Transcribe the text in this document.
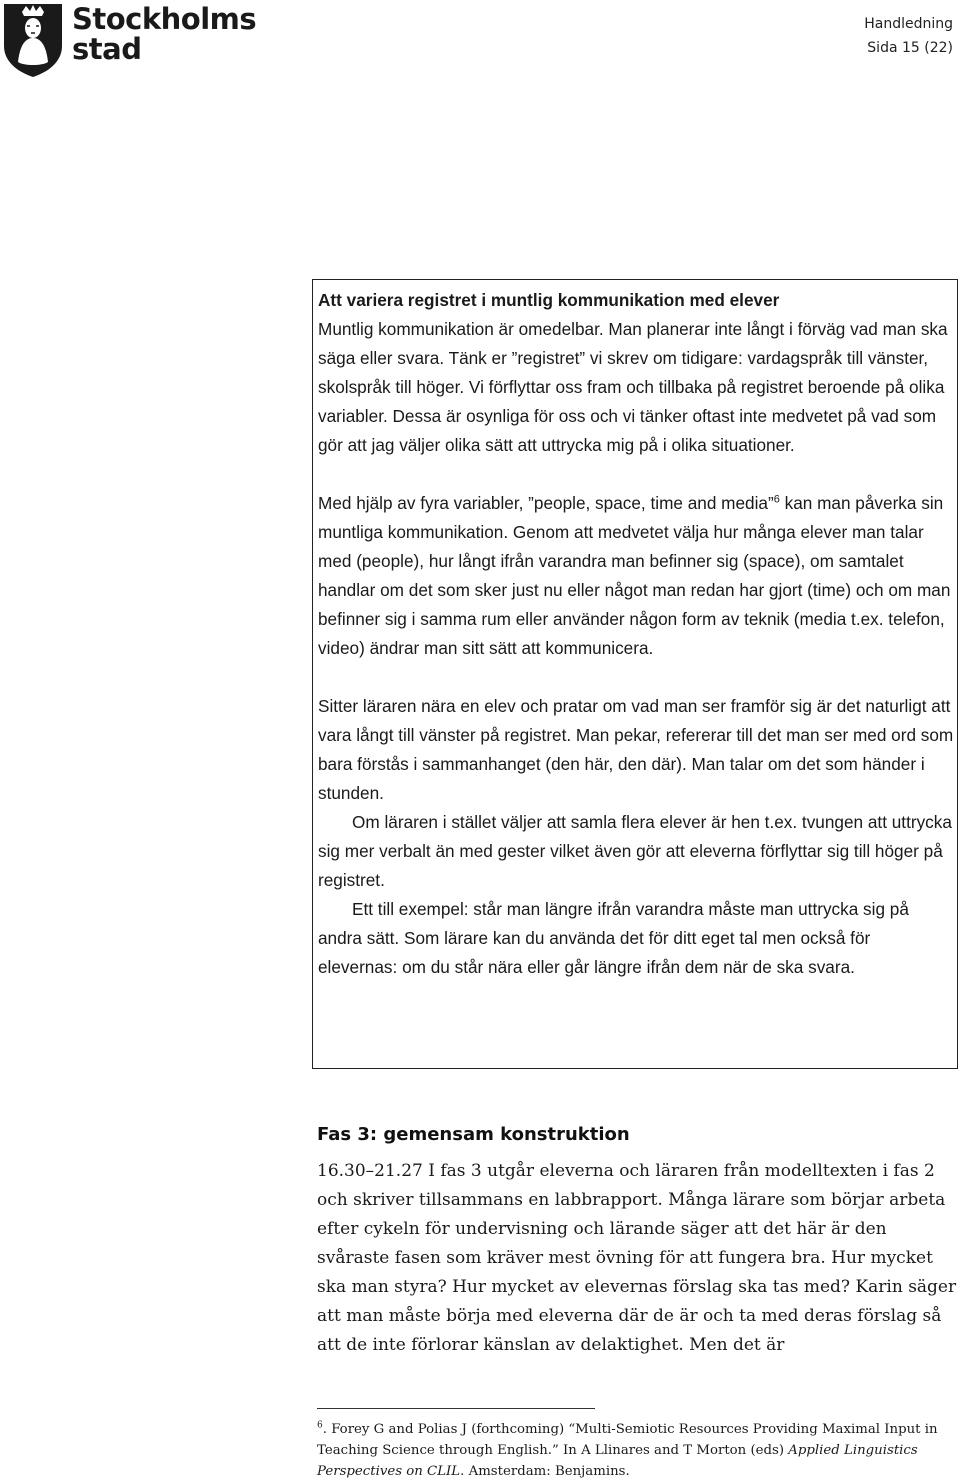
Stockholms stad
Handledning
Sida 15 (22)

Att variera registret i muntlig kommunikation med elever

Muntlig kommunikation är omedelbar. Man planerar inte långt i förväg vad man ska säga eller svara. Tänk er ”registret” vi skrev om tidigare: vardagspråk till vänster, skolspråk till höger. Vi förflyttar oss fram och tillbaka på registret beroende på olika variabler. Dessa är osynliga för oss och vi tänker oftast inte medvetet på vad som gör att jag väljer olika sätt att uttrycka mig på i olika situationer.

Med hjälp av fyra variabler, ”people, space, time and media”$^6$ kan man påverka sin muntliga kommunikation. Genom att medvetet välja hur många elever man talar med (people), hur långt ifrån varandra man befinner sig (space), om samtalet handlar om det som sker just nu eller något man redan har gjort (time) och om man befinner sig i samma rum eller använder någon form av teknik (media t.ex. telefon, video) ändrar man sitt sätt att kommunicera.

Sitter läraren nära en elev och pratar om vad man ser framför sig är det naturligt att vara långt till vänster på registret. Man pekar, refererar till det man ser med ord som bara förstås i sammanhanget (den här, den där). Man talar om det som händer i stunden.

Om läraren i stället väljer att samla flera elever är hen t.ex. tvungen att uttrycka sig mer verbalt än med gester vilket även gör att eleverna förflyttar sig till höger på registret.

Ett till exempel: står man längre ifrån varandra måste man uttrycka sig på andra sätt. Som lärare kan du använda det för ditt eget tal men också för elevernas: om du står nära eller går längre ifrån dem när de ska svara.

Fas 3: gemensam konstruktion

16.30–21.27 I fas 3 utgår eleverna och läraren från modelltexten i fas 2 och skriver tillsammans en labbrapport. Många lärare som börjar arbeta efter cykeln för undervisning och lärande säger att det här är den svåraste fasen som kräver mest övning för att fungera bra. Hur mycket ska man styra? Hur mycket av elevernas förslag ska tas med? Karin säger att man måste börja med eleverna där de är och ta med deras förslag så att de inte förlorar känslan av delaktighet. Men det är

$^6$. Forey G and Polias J (forthcoming) “Multi-Semiotic Resources Providing Maximal Input in Teaching Science through English.” In A Llinares and T Morton (eds) Applied Linguistics Perspectives on CLIL. Amsterdam: Benjamins.
